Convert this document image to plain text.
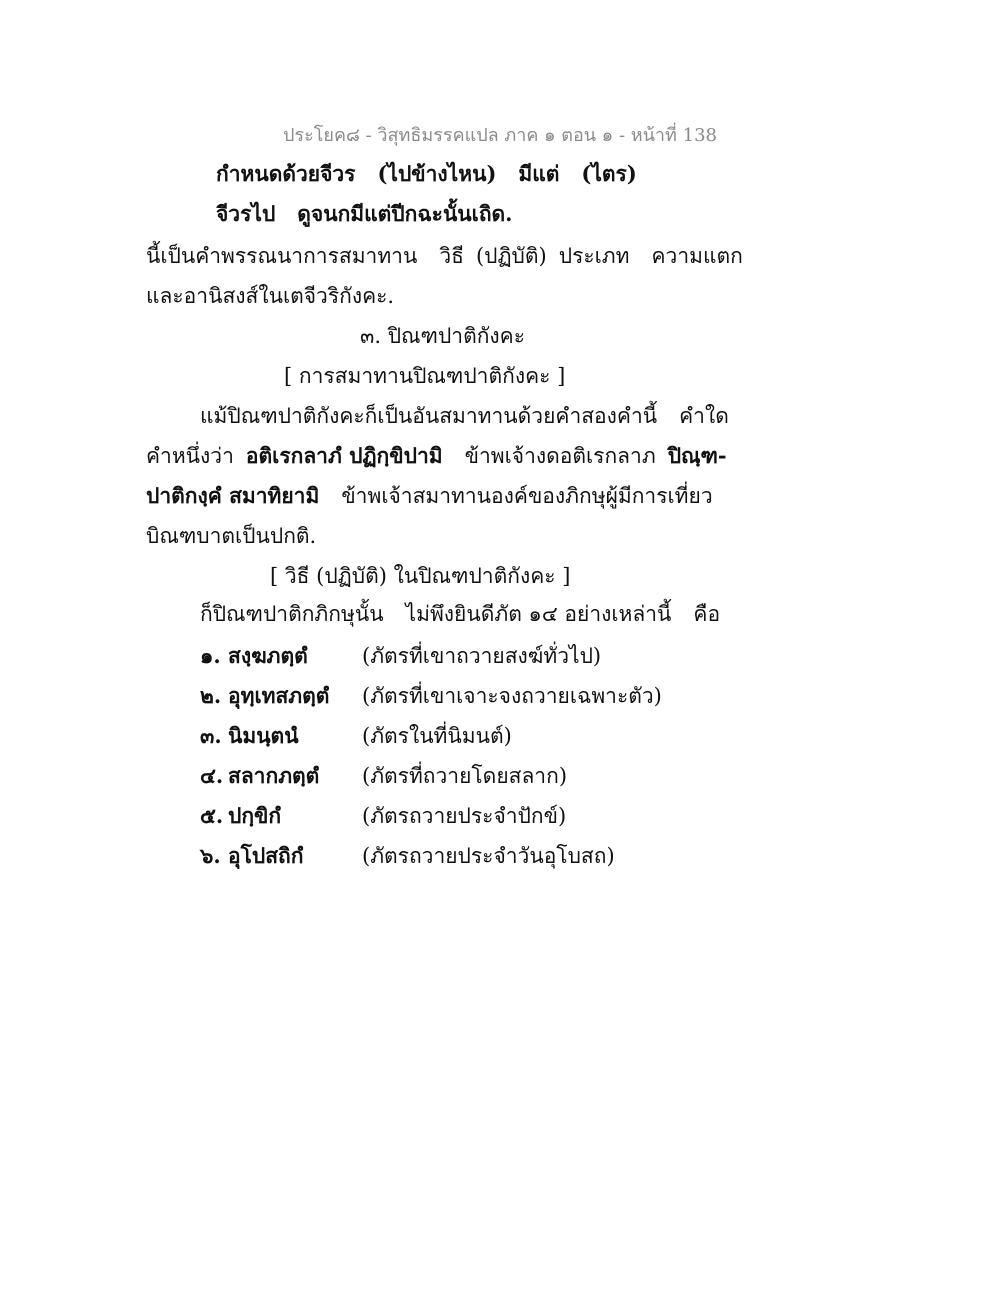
ประโยค๘ - วิสุทธิมรรคแปล ภาค ๑ ตอน ๑ - หน้าที่ 138
กำหนดด้วยจีวร (ไปข้างไหน) มีแต่ (ไตร)
จีวรไป ดูจนกมีแต่ปีกฉะนั้นเถิด.
นี้เป็นคำพรรณนาการสมาทาน วิธี (ปฏิบัติ) ประเภท ความแตก
และอานิสงส์ในเตจีวริกังคะ.
๓. ปิณฑปาติกังคะ
[ การสมาทานปิณฑปาติกังคะ ]
แม้ปิณฑปาติกังคะก็เป็นอันสมาทานด้วยคำสองคำนี้ คำใด
คำหนึ่งว่า อติเรกลาภํ ปฏิกฺขิปามิ ข้าพเจ้างดอติเรกลาภ ปิณฺฑ-
ปาติกงฺคํ สมาทิยามิ ข้าพเจ้าสมาทานองค์ของภิกษุผู้มีการเที่ยว
บิณฑบาตเป็นปกติ.
[ วิธี (ปฏิบัติ) ในปิณฑปาติกังคะ ]
ก็ปิณฑปาติกภิกษุนั้น ไม่พึงยินดีภัต ๑๔ อย่างเหล่านี้ คือ
๑. สงฺฆภตฺตํ	(ภัตรที่เขาถวายสงฆ์ทั่วไป)
๒. อุทฺเทสภตฺตํ (ภัตรที่เขาเจาะจงถวายเฉพาะตัว)
๓. นิมนฺตนํ	(ภัตรในที่นิมนต์)
๔. สลากภตฺตํ (ภัตรที่ถวายโดยสลาก)
๕. ปกฺขิกํ	(ภัตรถวายประจำปักข์)
๖. อุโปสถิกํ	(ภัตรถวายประจำวันอุโบสถ)
